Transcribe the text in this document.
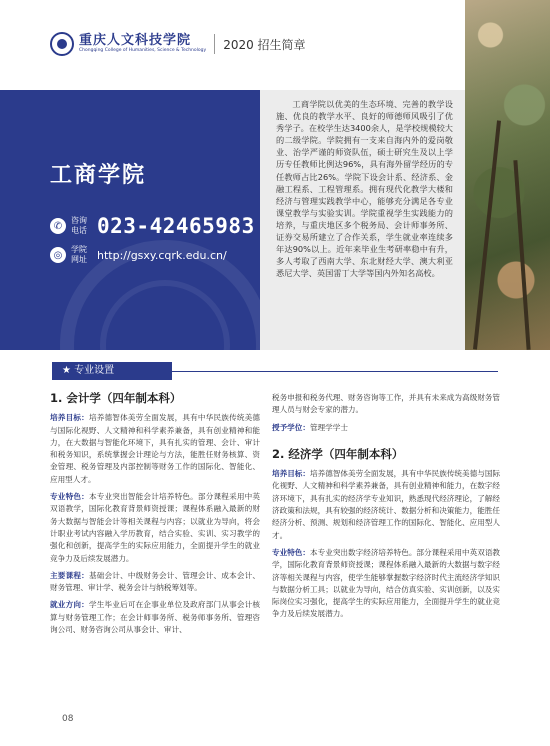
重庆人文科技学院
Chongqing College of Humanities, Science & Technology 2020 招生简章
工商学院
✆	咨询电话 023-42465983
◎	学院网址 http://gsxy.cqrk.edu.cn/

工商学院以优美的生态环境、完善的教学设施、优良的教学水平、良好的师德师风吸引了优秀学子。在校学生达3400余人，是学校规模较大的二级学院。学院拥有一支来自海内外的爱岗敬业、治学严谨的师资队伍，硕士研究生及以上学历专任教师比例达96%，具有海外留学经历的专任教师占比26%。学院下设会计系、经济系、金融工程系、工程管理系。拥有现代化教学大楼和经济与管理实践教学中心，能够充分满足各专业课堂教学与实验实训。学院重视学生实践能力的培养，与重庆地区多个税务局、会计师事务所、证券交易所建立了合作关系，学生就业率连续多年达90%以上。近年来毕业生考研率稳中有升，多人考取了西南大学、东北财经大学、澳大利亚悉尼大学、英国雷丁大学等国内外知名高校。

★ 专业设置
1. 会计学（四年制本科）

培养目标：培养德智体美劳全面发展，具有中华民族传统美德与国际化视野、人文精神和科学素养兼备，具有创业精神和能力，在大数据与智能化环境下，具有扎实的管理、会计、审计和税务知识，系统掌握会计理论与方法，能胜任财务核算、资金管理、税务管理及内部控制等财务工作的国际化、智能化、应用型人才。

专业特色：本专业突出智能会计培养特色。部分课程采用中英双语教学，国际化教育背景师资授课；课程体系融入最新的财务大数据与智能会计等相关课程与内容；以就业为导向，将会计职业考试内容融入学历教育，结合实验、实训、实习教学的强化和创新，提高学生的实际应用能力，全面提升学生的就业竞争力及后续发展潜力。

主要课程：基础会计、中级财务会计、管理会计、成本会计、财务管理、审计学、税务会计与纳税筹划等。

就业方向：学生毕业后可在企事业单位及政府部门从事会计核算与财务管理工作；在会计师事务所、税务师事务所、管理咨询公司、财务咨询公司从事会计、审计、

税务申报和税务代理、财务咨询等工作，并具有未来成为高级财务管理人员与财会专家的潜力。

授予学位：管理学学士

2. 经济学（四年制本科）

培养目标：培养德智体美劳全面发展，具有中华民族传统美德与国际化视野、人文精神和科学素养兼备，具有创业精神和能力，在数字经济环境下，具有扎实的经济学专业知识，熟悉现代经济理论，了解经济政策和法规，具有较强的经济统计、数据分析和决策能力，能胜任经济分析、预测、规划和经济管理工作的国际化、智能化、应用型人才。

专业特色：本专业突出数字经济培养特色。部分课程采用中英双语教学，国际化教育背景师资授课；课程体系融入最新的大数据与数字经济等相关课程与内容，使学生能够掌握数字经济时代主流经济学知识与数据分析工具；以就业为导向，结合仿真实验、实训创新，以及实际岗位实习强化，提高学生的实际应用能力，全面提升学生的就业竞争力及后续发展潜力。

08
